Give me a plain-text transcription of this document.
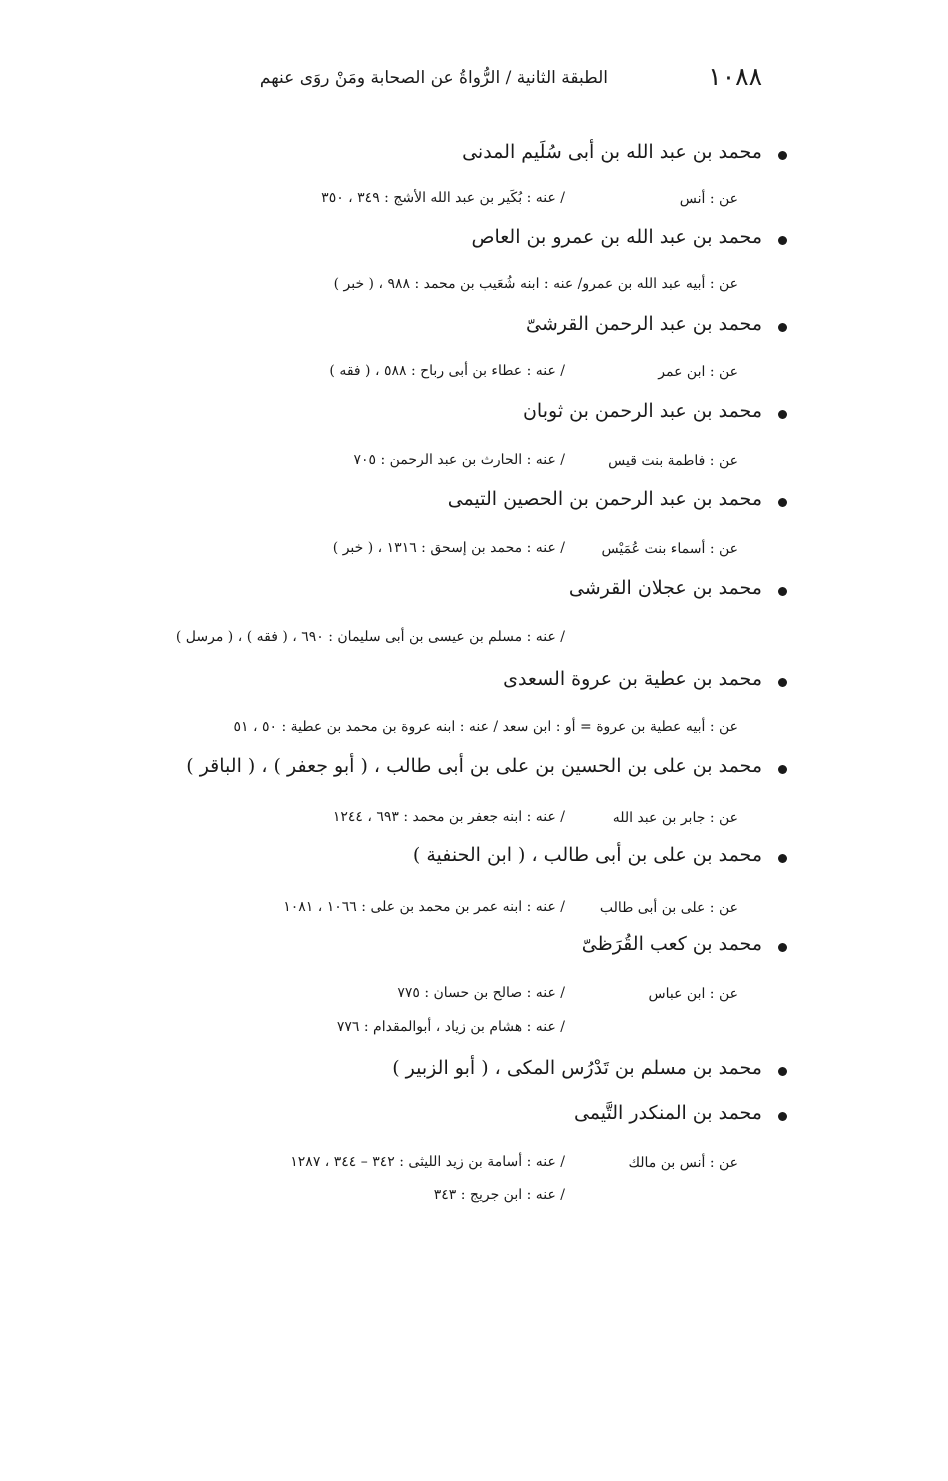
١٠٨٨
الطبقة الثانية / الرُّواةُ عن الصحابة ومَنْ روَى عنهم
محمد بن عبد الله بن أبى سُلَيم المدنى
عن : أنس
/ عنه : بُكَير بن عبد الله الأشج : ٣٤٩ ، ٣٥٠
محمد بن عبد الله بن عمرو بن العاص
عن : أبيه عبد الله بن عمرو/ عنه : ابنه شُعَيب بن محمد : ٩٨٨ ، ( خبر )
محمد بن عبد الرحمن القرشىّ
عن : ابن عمر
/ عنه : عطاء بن أبى رباح : ٥٨٨ ، ( فقه )
محمد بن عبد الرحمن بن ثوبان
عن : فاطمة بنت قيس
/ عنه : الحارث بن عبد الرحمن : ٧٠٥
محمد بن عبد الرحمن بن الحصين التيمى
عن : أسماء بنت عُمَيْس
/ عنه : محمد بن إسحق : ١٣١٦ ، ( خبر )
محمد بن عجلان القرشى
/ عنه : مسلم بن عيسى بن أبى سليمان : ٦٩٠ ، ( فقه ) ، ( مرسل )
محمد بن عطية بن عروة السعدى
عن : أبيه عطية بن عروة = أو : ابن سعد / عنه : ابنه عروة بن محمد بن عطية : ٥٠ ، ٥١
محمد بن على بن الحسين بن على بن أبى طالب ، ( أبو جعفر ) ، ( الباقر )
عن : جابر بن عبد الله
/ عنه : ابنه جعفر بن محمد : ٦٩٣ ، ١٢٤٤
محمد بن على بن أبى طالب ، ( ابن الحنفية )
عن : على بن أبى طالب
/ عنه : ابنه عمر بن محمد بن على : ١٠٦٦ ، ١٠٨١
محمد بن كعب القُرَظىّ
عن : ابن عباس
/ عنه : صالح بن حسان : ٧٧٥
/ عنه : هشام بن زياد ، أبوالمقدام : ٧٧٦
محمد بن مسلم بن تَدْرُس المكى ، ( أبو الزبير )
محمد بن المنكدر التَّيمى
عن : أنس بن مالك
/ عنه : أسامة بن زيد الليثى : ٣٤٢ – ٣٤٤ ، ١٢٨٧
/ عنه : ابن جريج : ٣٤٣
